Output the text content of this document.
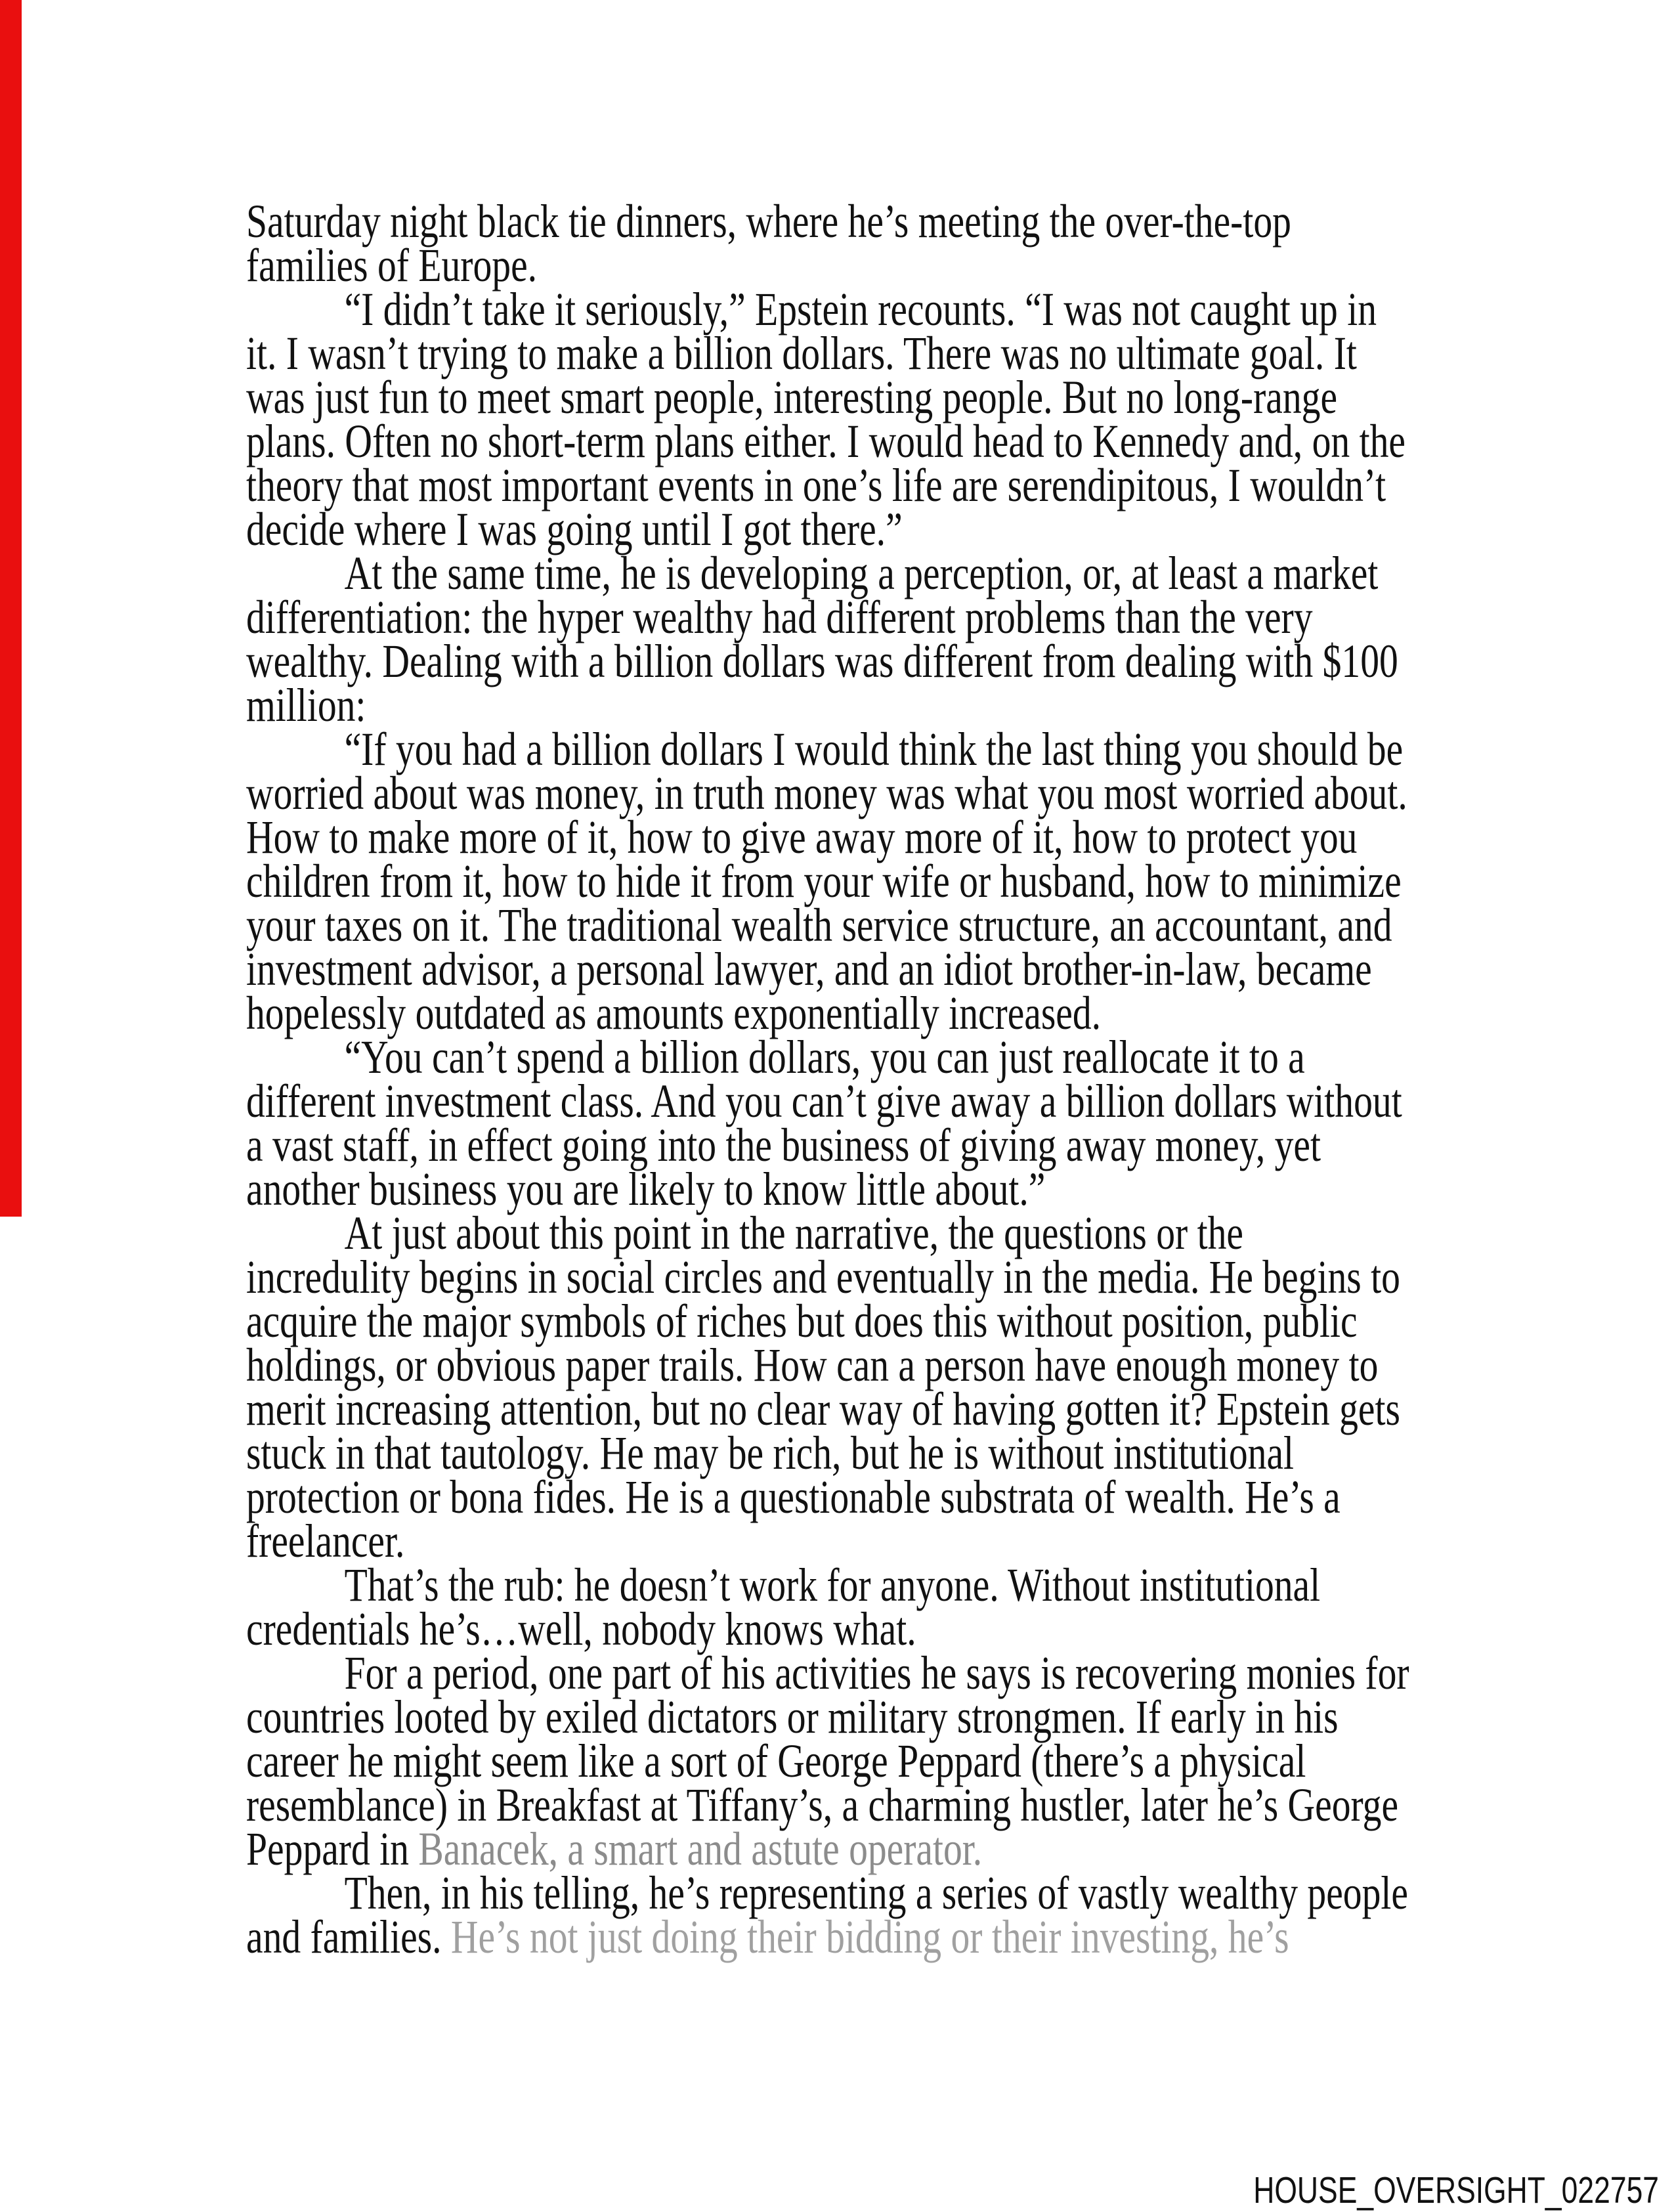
Saturday night black tie dinners, where he’s meeting the over-the-top
families of Europe.
“I didn’t take it seriously,” Epstein recounts. “I was not caught up in
it. I wasn’t trying to make a billion dollars. There was no ultimate goal. It
was just fun to meet smart people, interesting people. But no long-range
plans. Often no short-term plans either. I would head to Kennedy and, on the
theory that most important events in one’s life are serendipitous, I wouldn’t
decide where I was going until I got there.”
At the same time, he is developing a perception, or, at least a market
differentiation: the hyper wealthy had different problems than the very
wealthy. Dealing with a billion dollars was different from dealing with $100
million:
“If you had a billion dollars I would think the last thing you should be
worried about was money, in truth money was what you most worried about.
How to make more of it, how to give away more of it, how to protect you
children from it, how to hide it from your wife or husband, how to minimize
your taxes on it. The traditional wealth service structure, an accountant, and
investment advisor, a personal lawyer, and an idiot brother-in-law, became
hopelessly outdated as amounts exponentially increased.
“You can’t spend a billion dollars, you can just reallocate it to a
different investment class. And you can’t give away a billion dollars without
a vast staff, in effect going into the business of giving away money, yet
another business you are likely to know little about.”
At just about this point in the narrative, the questions or the
incredulity begins in social circles and eventually in the media. He begins to
acquire the major symbols of riches but does this without position, public
holdings, or obvious paper trails. How can a person have enough money to
merit increasing attention, but no clear way of having gotten it? Epstein gets
stuck in that tautology. He may be rich, but he is without institutional
protection or bona fides. He is a questionable substrata of wealth. He’s a
freelancer.
That’s the rub: he doesn’t work for anyone. Without institutional
credentials he’s…well, nobody knows what.
For a period, one part of his activities he says is recovering monies for
countries looted by exiled dictators or military strongmen. If early in his
career he might seem like a sort of George Peppard (there’s a physical
resemblance) in Breakfast at Tiffany’s, a charming hustler, later he’s George
Peppard in Banacek, a smart and astute operator.
Then, in his telling, he’s representing a series of vastly wealthy people
and families. He’s not just doing their bidding or their investing, he’s
HOUSE_OVERSIGHT_022757
